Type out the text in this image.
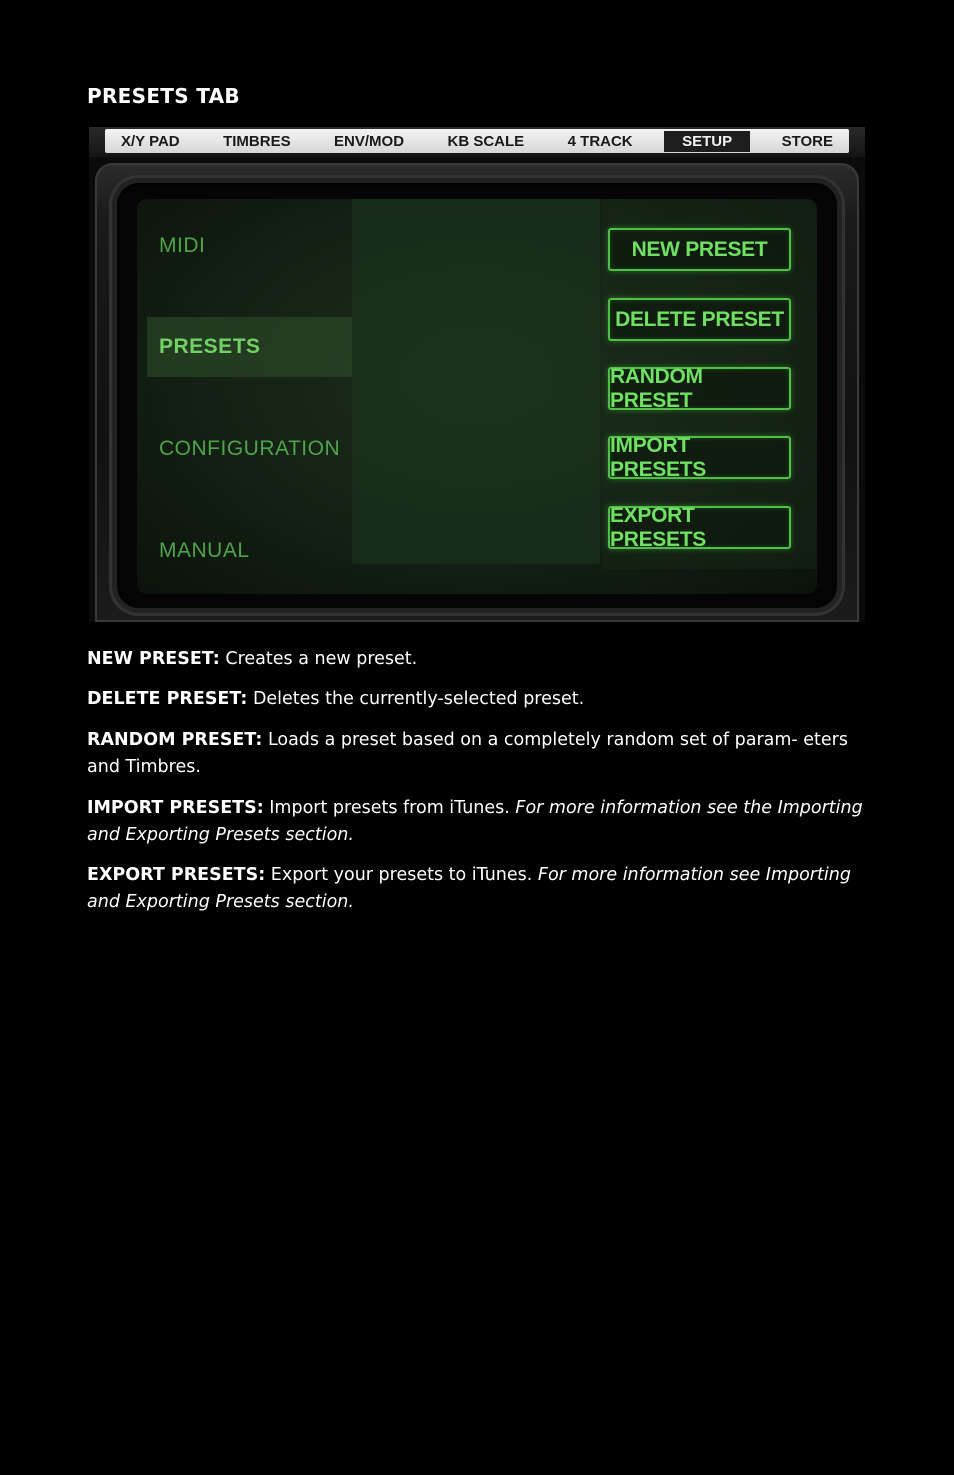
PRESETS TAB
X/Y PAD	TIMBRES	ENV/MOD	KB SCALE	4 TRACK	SETUP	STORE
MIDI
PRESETS
CONFIGURATION
MANUAL
NEW PRESET
DELETE PRESET
RANDOM PRESET
IMPORT PRESETS
EXPORT PRESETS

NEW PRESET: Creates a new preset.

DELETE PRESET: Deletes the currently-selected preset.

RANDOM PRESET: Loads a preset based on a completely random set of param- eters and Timbres.

IMPORT PRESETS: Import presets from iTunes. For more information see the Importing and Exporting Presets section.

EXPORT PRESETS: Export your presets to iTunes. For more information see Importing and Exporting Presets section.
